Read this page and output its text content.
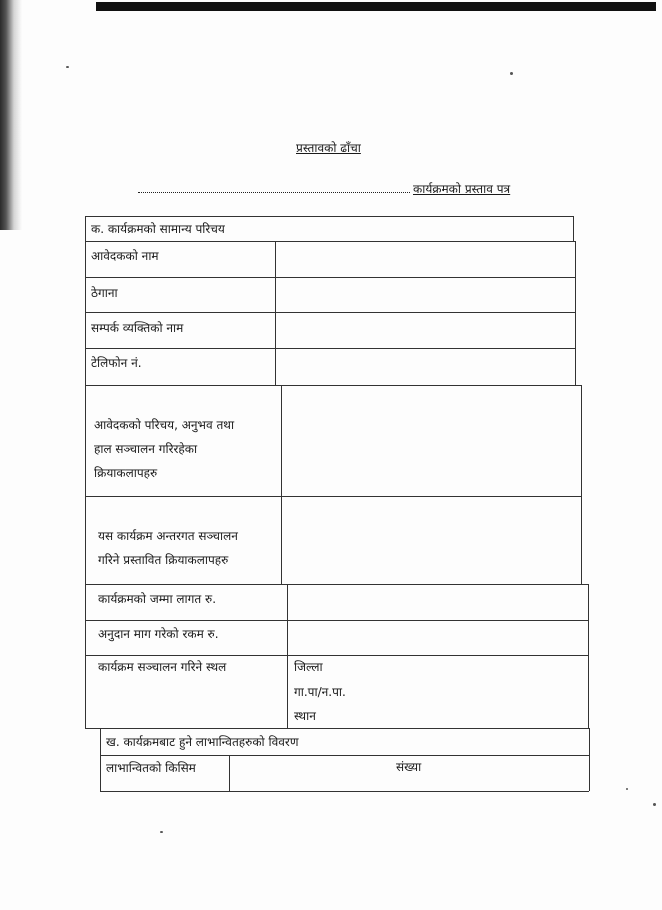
प्रस्तावको ढाँचा
कार्यक्रमको प्रस्ताव पत्र
क. कार्यक्रमको सामान्य परिचय
आवेदकको नाम
ठेगाना
सम्पर्क व्यक्तिको नाम
टेलिफोन नं.
आवेदकको परिचय, अनुभव तथा
हाल सञ्चालन गरिरहेका
क्रियाकलापहरु
यस कार्यक्रम अन्तरगत सञ्चालन
गरिने प्रस्तावित क्रियाकलापहरु
कार्यक्रमको जम्मा लागत रु.
अनुदान माग गरेको रकम रु.
कार्यक्रम सञ्चालन गरिने स्थल	जिल्ला
गा.पा/न.पा.
स्थान
ख. कार्यक्रमबाट हुने लाभान्वितहरुको विवरण
लाभान्वितको किसिम	संख्या
